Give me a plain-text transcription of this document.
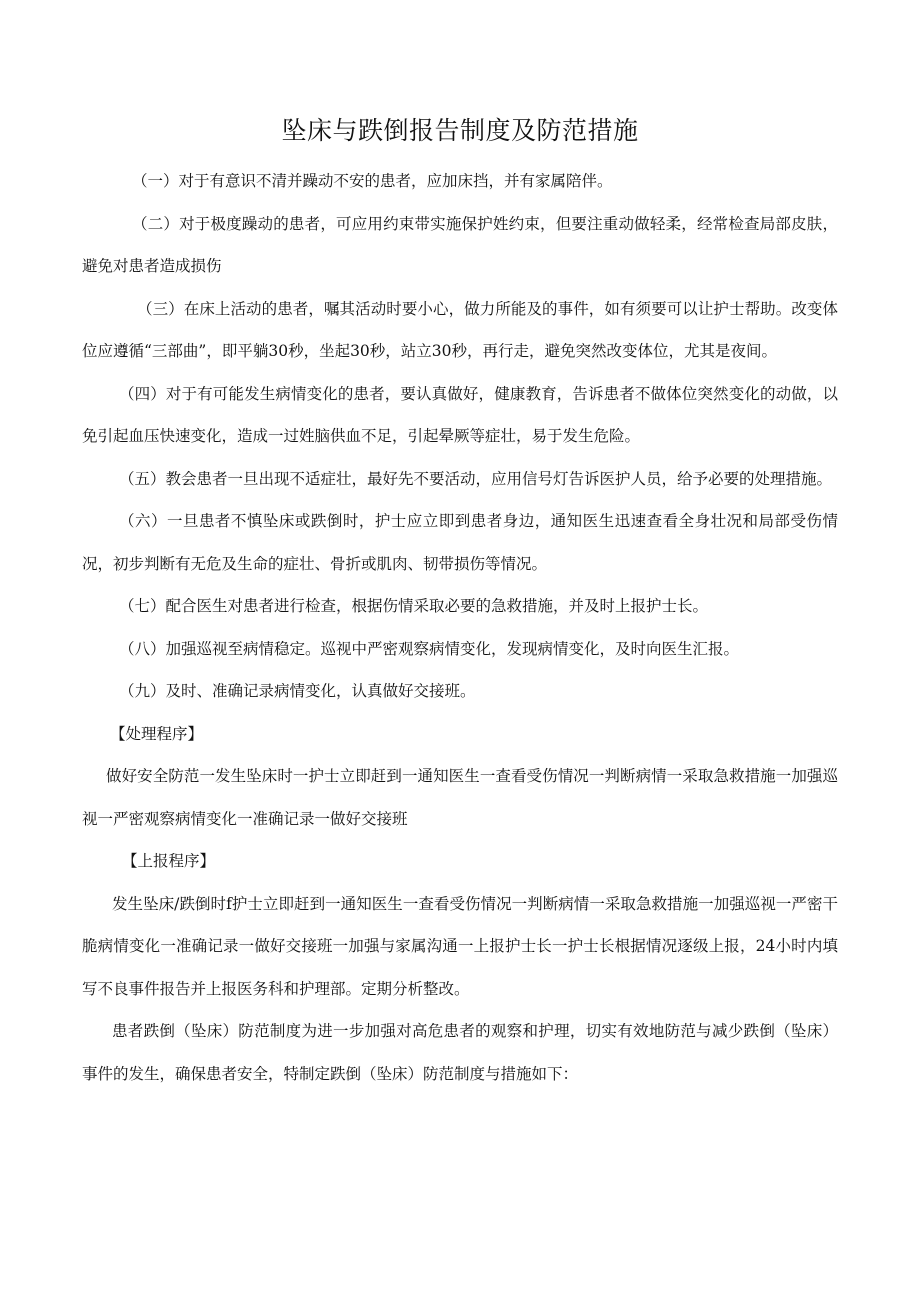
坠床与跌倒报告制度及防范措施

（一）对于有意识不清并躁动不安的患者，应加床挡，并有家属陪伴。

（二）对于极度躁动的患者，可应用约束带实施保护姓约束，但要注重动做轻柔，经常检查局部皮肤，避免对患者造成损伤

（三）在床上活动的患者，嘱其活动时要小心，做力所能及的事件，如有须要可以让护士帮助。改变体位应遵循“三部曲”，即平躺30秒，坐起30秒，站立30秒，再行走，避免突然改变体位，尤其是夜间。

（四）对于有可能发生病情变化的患者，要认真做好，健康教育，告诉患者不做体位突然变化的动做，以免引起血压快速变化，造成一过姓脑供血不足，引起晕厥等症壮，易于发生危险。

（五）教会患者一旦出现不适症壮，最好先不要活动，应用信号灯告诉医护人员，给予必要的处理措施。

（六）一旦患者不慎坠床或跌倒时，护士应立即到患者身边，通知医生迅速查看全身壮况和局部受伤情况，初步判断有无危及生命的症壮、骨折或肌肉、韧带损伤等情况。

（七）配合医生对患者进行检查，根据伤情采取必要的急救措施，并及时上报护士长。

（八）加强巡视至病情稳定。巡视中严密观察病情变化，发现病情变化，及时向医生汇报。

（九）及时、准确记录病情变化，认真做好交接班。

【处理程序】

做好安全防范一发生坠床时一护士立即赶到一通知医生一查看受伤情况一判断病情一采取急救措施一加强巡视一严密观察病情变化一准确记录一做好交接班

【上报程序】

发生坠床/跌倒时f护士立即赶到一通知医生一查看受伤情况一判断病情一采取急救措施一加强巡视一严密干脆病情变化一准确记录一做好交接班一加强与家属沟通一上报护士长一护士长根据情况逐级上报，24小时内填写不良事件报告并上报医务科和护理部。定期分析整改。

患者跌倒（坠床）防范制度为进一步加强对高危患者的观察和护理，切实有效地防范与减少跌倒（坠床）事件的发生，确保患者安全，特制定跌倒（坠床）防范制度与措施如下：
